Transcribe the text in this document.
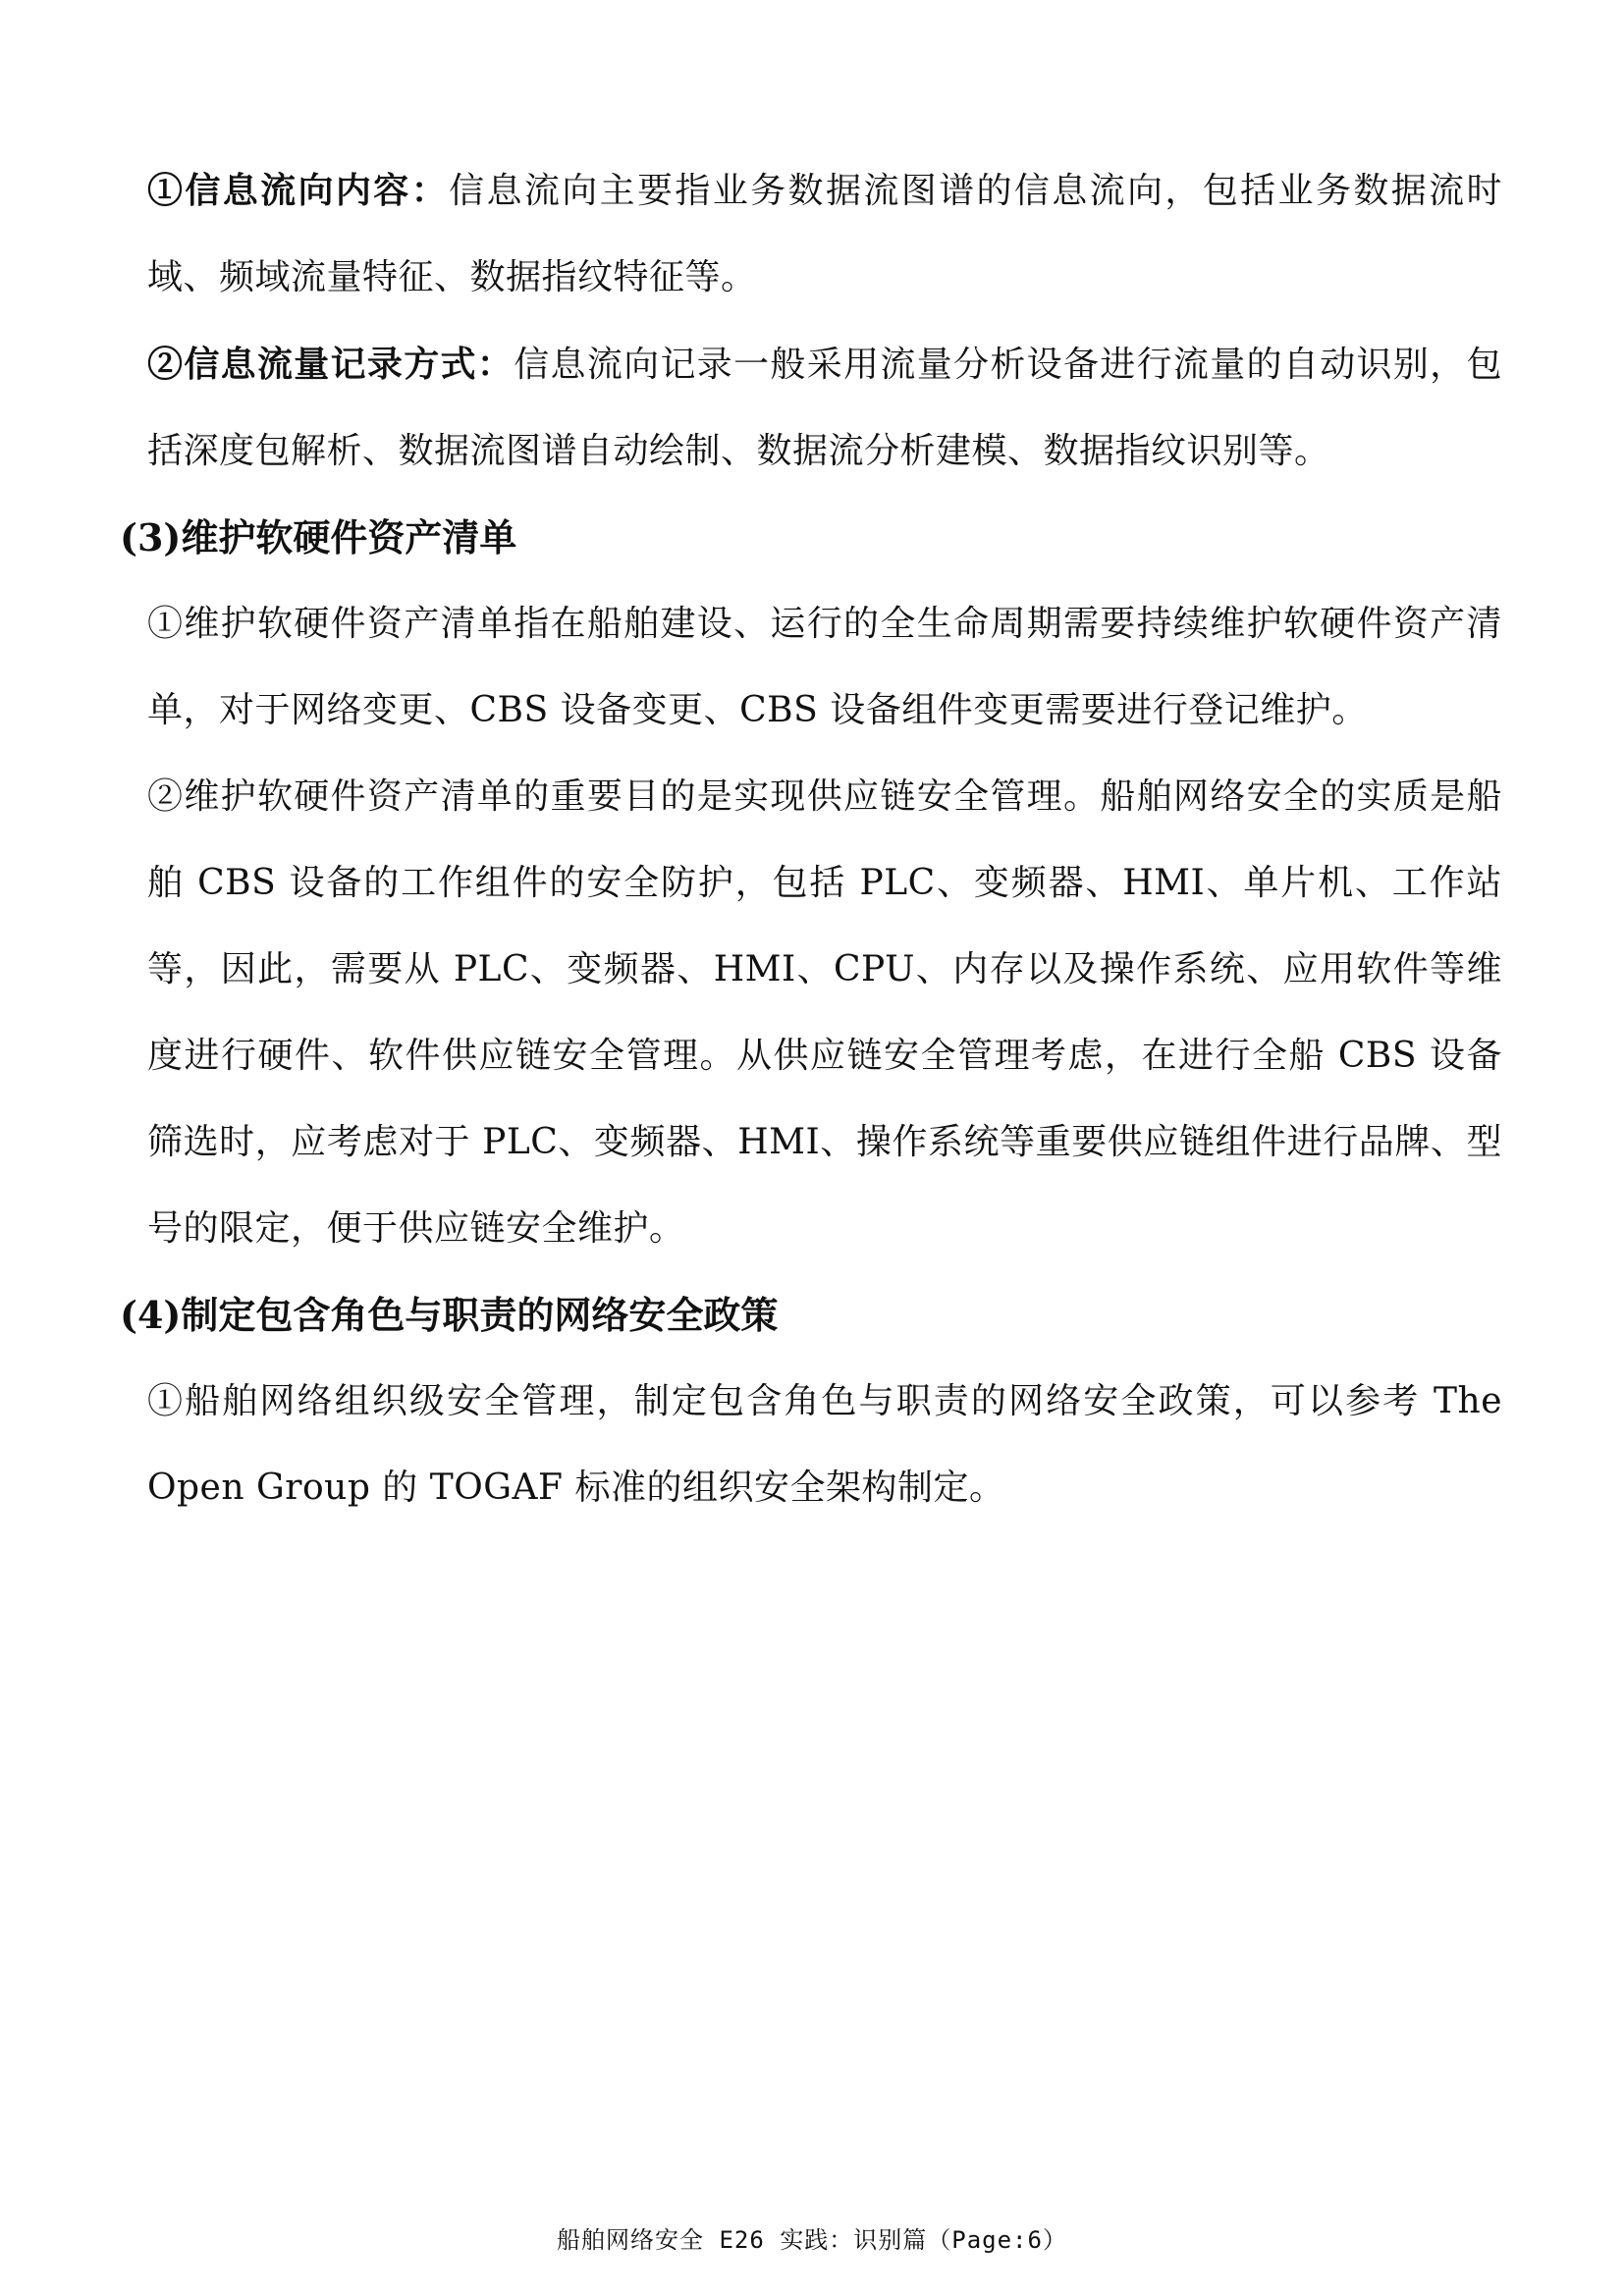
①信息流向内容：信息流向主要指业务数据流图谱的信息流向，包括业务数据流时域、频域流量特征、数据指纹特征等。

②信息流量记录方式：信息流向记录一般采用流量分析设备进行流量的自动识别，包括深度包解析、数据流图谱自动绘制、数据流分析建模、数据指纹识别等。

(3)维护软硬件资产清单

①维护软硬件资产清单指在船舶建设、运行的全生命周期需要持续维护软硬件资产清单，对于网络变更、CBS 设备变更、CBS 设备组件变更需要进行登记维护。

②维护软硬件资产清单的重要目的是实现供应链安全管理。船舶网络安全的实质是船舶 CBS 设备的工作组件的安全防护，包括 PLC、变频器、HMI、单片机、工作站等，因此，需要从 PLC、变频器、HMI、CPU、内存以及操作系统、应用软件等维度进行硬件、软件供应链安全管理。从供应链安全管理考虑，在进行全船 CBS 设备筛选时，应考虑对于 PLC、变频器、HMI、操作系统等重要供应链组件进行品牌、型号的限定，便于供应链安全维护。

(4)制定包含角色与职责的网络安全政策

①船舶网络组织级安全管理，制定包含角色与职责的网络安全政策，可以参考 The Open Group 的 TOGAF 标准的组织安全架构制定。

船舶网络安全 E26 实践：识别篇（Page:6）
